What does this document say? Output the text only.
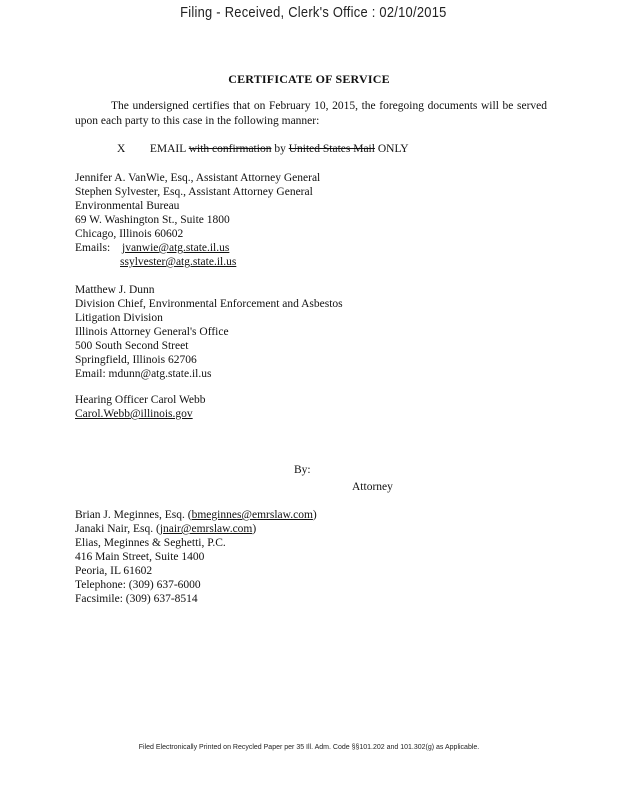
Filing - Received, Clerk's Office : 02/10/2015
CERTIFICATE OF SERVICE
The undersigned certifies that on February 10, 2015, the foregoing documents will be served upon each party to this case in the following manner:
X EMAIL with confirmation by United States Mail ONLY
Jennifer A. VanWie, Esq., Assistant Attorney General
Stephen Sylvester, Esq., Assistant Attorney General
Environmental Bureau
69 W. Washington St., Suite 1800
Chicago, Illinois 60602
Emails: jvanwie@atg.state.il.us
ssylvester@atg.state.il.us
Matthew J. Dunn
Division Chief, Environmental Enforcement and Asbestos
Litigation Division
Illinois Attorney General's Office
500 South Second Street
Springfield, Illinois 62706
Email: mdunn@atg.state.il.us
Hearing Officer Carol Webb
Carol.Webb@illinois.gov
By:
Attorney
Brian J. Meginnes, Esq. (bmeginnes@emrslaw.com)
Janaki Nair, Esq. (jnair@emrslaw.com)
Elias, Meginnes & Seghetti, P.C.
416 Main Street, Suite 1400
Peoria, IL 61602
Telephone: (309) 637-6000
Facsimile: (309) 637-8514
Filed Electronically Printed on Recycled Paper per 35 Ill. Adm. Code §§101.202 and 101.302(g) as Applicable.
